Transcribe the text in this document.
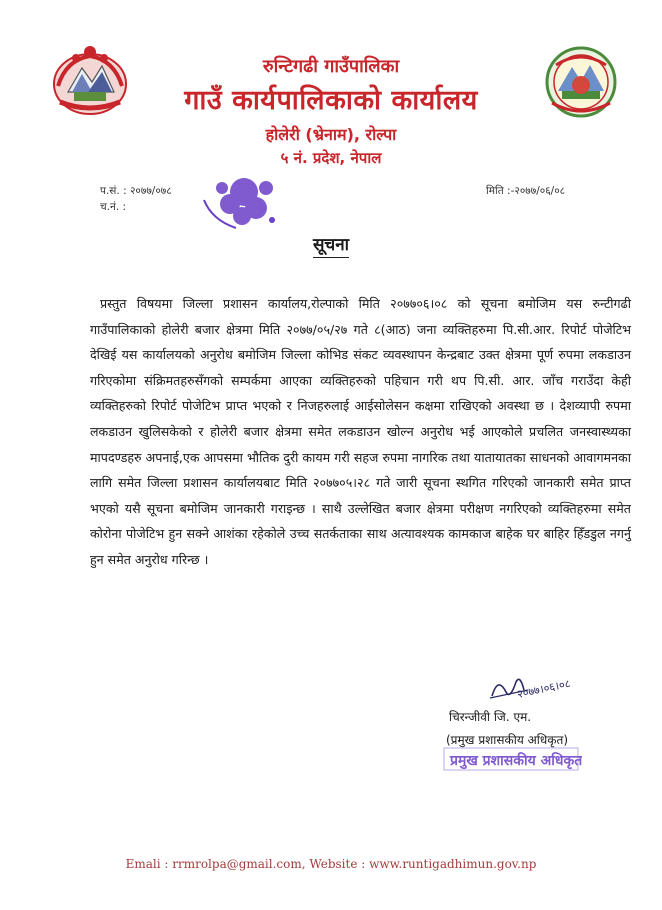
रुन्टिगढी गाउँपालिका
गाउँ कार्यपालिकाको कार्यालय
होलेरी (भ्रेनाम), रोल्पा
५ नं. प्रदेश, नेपाल
प.सं. : २०७७/०७८
च.नं. :
मिति :-२०७७/०६/०८
सूचना
प्रस्तुत विषयमा जिल्ला प्रशासन कार्यालय,रोल्पाको मिति २०७७०६।०८ को सूचना बमोजिम यस रुन्टीगढी गाउँपालिकाको होलेरी बजार क्षेत्रमा मिति २०७७/०५/२७ गते ८(आठ) जना व्यक्तिहरुमा पि.सी.आर. रिपोर्ट पोजेटिभ देखिई यस कार्यालयको अनुरोध बमोजिम जिल्ला कोभिड संकट व्यवस्थापन केन्द्रबाट उक्त क्षेत्रमा पूर्ण रुपमा लकडाउन गरिएकोमा संक्रिमतहरुसँगको सम्पर्कमा आएका व्यक्तिहरुको पहिचान गरी थप पि.सी. आर. जाँच गराउँदा केही व्यक्तिहरुको रिपोर्ट पोजेटिभ प्राप्त भएको र निजहरुलाई आईसोलेसन कक्षमा राखिएको अवस्था छ । देशव्यापी रुपमा लकडाउन खुलिसकेको र होलेरी बजार क्षेत्रमा समेत लकडाउन खोल्न अनुरोध भई आएकोले प्रचलित जनस्वास्थ्यका मापदण्डहरु अपनाई,एक आपसमा भौतिक दुरी कायम गरी सहज रुपमा नागरिक तथा यातायातका साधनको आवागमनका लागि समेत जिल्ला प्रशासन कार्यालयबाट मिति २०७७०५।२८ गते जारी सूचना स्थगित गरिएको जानकारी समेत प्राप्त भएको यसै सूचना बमोजिम जानकारी गराइन्छ । साथै उल्लेखित बजार क्षेत्रमा परीक्षण नगरिएको व्यक्तिहरुमा समेत कोरोना पोजेटिभ हुन सक्ने आशंका रहेकोले उच्च सतर्कताका साथ अत्यावश्यक कामकाज बाहेक घर बाहिर हिँडडुल नगर्नु हुन समेत अनुरोध गरिन्छ ।
२०७७।०६।०८
चिरन्जीवी जि. एम.
(प्रमुख प्रशासकीय अधिकृत)
प्रमुख प्रशासकीय अधिकृत
Emali : rrmrolpa@gmail.com, Website : www.runtigadhimun.gov.np
